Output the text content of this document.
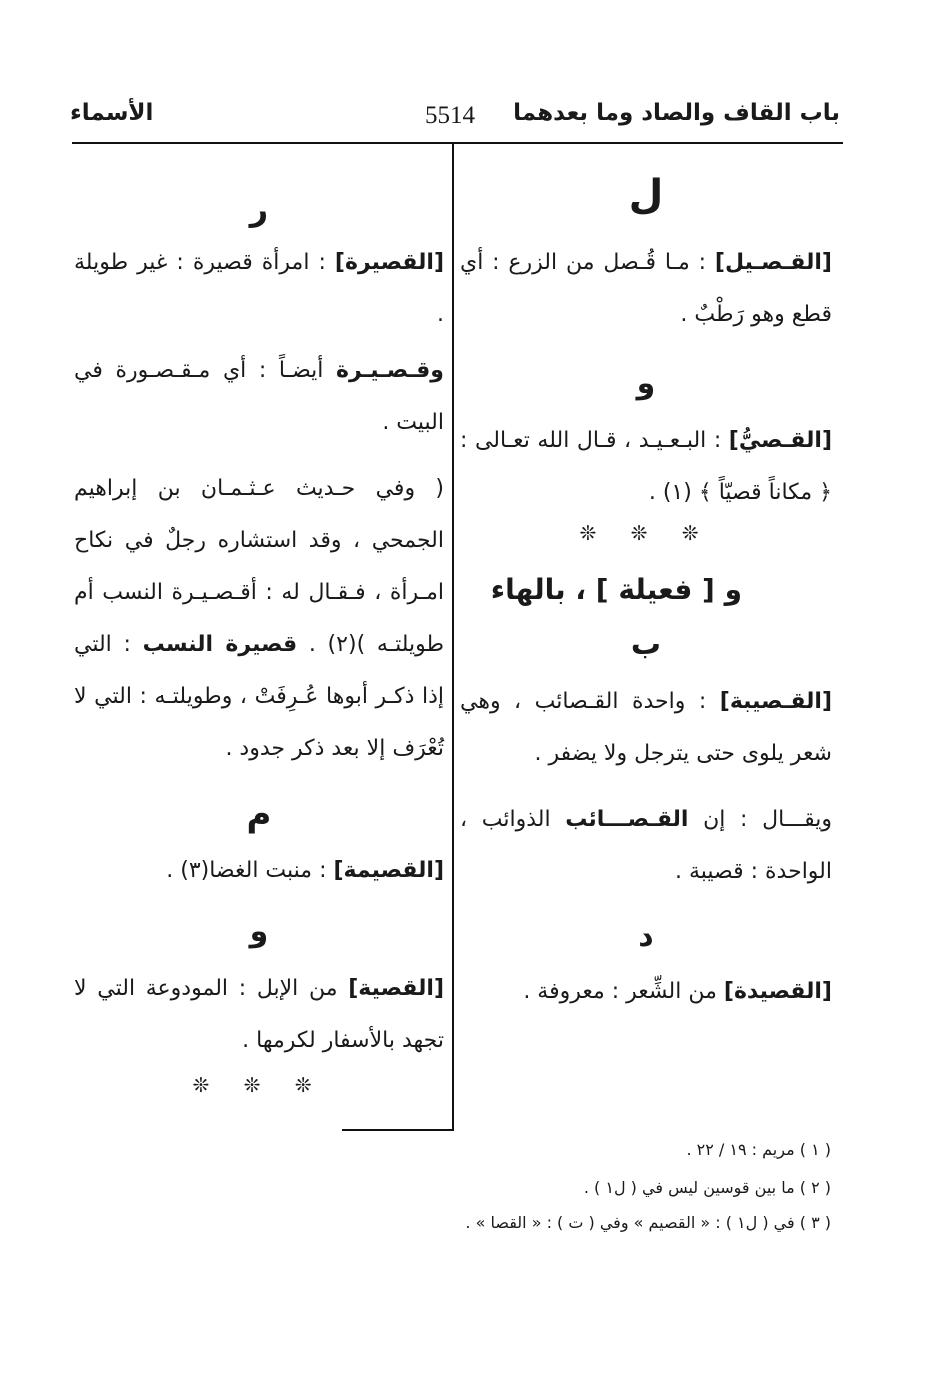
باب القاف والصاد وما بعدهما
5514
الأسماء
ل
[القـصـيل] : مـا قُـصل من الزرع : أي قطع وهو رَطْبٌ .
و
[القـصيُّ] : البـعـيـد ، قـال الله تعـالى : ﴿ مكاناً قصيّاً ﴾ (١) .
❊ ❊ ❊
و [ فعيلة ] ، بالهاء
ب
[القـصيبة] : واحدة القـصائب ، وهي شعر يلوى حتى يترجل ولا يضفر .
ويقـــال : إن القـصـــائب الذوائب ، الواحدة : قصيبة .
د
[القصيدة] من الشِّعر : معروفة .
ر
[القصيرة] : امرأة قصيرة : غير طويلة .
وقـصـيـرة أيضـاً : أي مـقـصـورة في البيت .
( وفي حـديث عـثـمـان بن إبراهيم الجمحي ، وقد استشاره رجلٌ في نكاح امـرأة ، فـقـال له : أقـصـيـرة النسب أم طويلتـه )(٢) . قصيرة النسب : التي إذا ذكـر أبوها عُـرِفَتْ ، وطويلتـه : التي لا تُعْرَف إلا بعد ذكر جدود .
م
[القصيمة] : منبت الغضا(٣) .
و
[القصية] من الإبل : المودوعة التي لا تجهد بالأسفار لكرمها .
❊ ❊ ❊
( ١ ) مريم : ١٩ / ٢٢ .
( ٢ ) ما بين قوسين ليس في ( ل١ ) .
( ٣ ) في ( ل١ ) : « القصيم » وفي ( ت ) : « القصا » .
